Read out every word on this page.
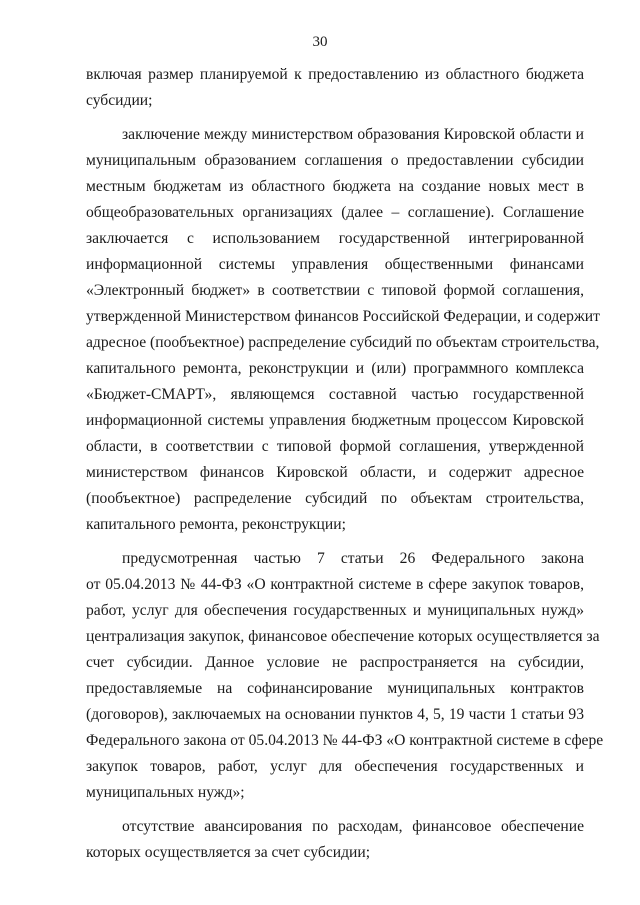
30
включая размер планируемой к предоставлению из областного бюджета
субсидии;
заключение между министерством образования Кировской области и
муниципальным образованием соглашения о предоставлении субсидии
местным бюджетам из областного бюджета на создание новых мест в
общеобразовательных организациях (далее – соглашение). Соглашение
заключается с использованием государственной интегрированной
информационной системы управления общественными финансами
«Электронный бюджет» в соответствии с типовой формой соглашения,
утвержденной Министерством финансов Российской Федерации, и содержит
адресное (пообъектное) распределение субсидий по объектам строительства,
капитального ремонта, реконструкции и (или) программного комплекса
«Бюджет-СМАРТ», являющемся составной частью государственной
информационной системы управления бюджетным процессом Кировской
области, в соответствии с типовой формой соглашения, утвержденной
министерством финансов Кировской области, и содержит адресное
(пообъектное) распределение субсидий по объектам строительства,
капитального ремонта, реконструкции;
предусмотренная частью 7 статьи 26 Федерального закона
от 05.04.2013 № 44-ФЗ «О контрактной системе в сфере закупок товаров,
работ, услуг для обеспечения государственных и муниципальных нужд»
централизация закупок, финансовое обеспечение которых осуществляется за
счет субсидии. Данное условие не распространяется на субсидии,
предоставляемые на софинансирование муниципальных контрактов
(договоров), заключаемых на основании пунктов 4, 5, 19 части 1 статьи 93
Федерального закона от 05.04.2013 № 44-ФЗ «О контрактной системе в сфере
закупок товаров, работ, услуг для обеспечения государственных и
муниципальных нужд»;
отсутствие авансирования по расходам, финансовое обеспечение
которых осуществляется за счет субсидии;
